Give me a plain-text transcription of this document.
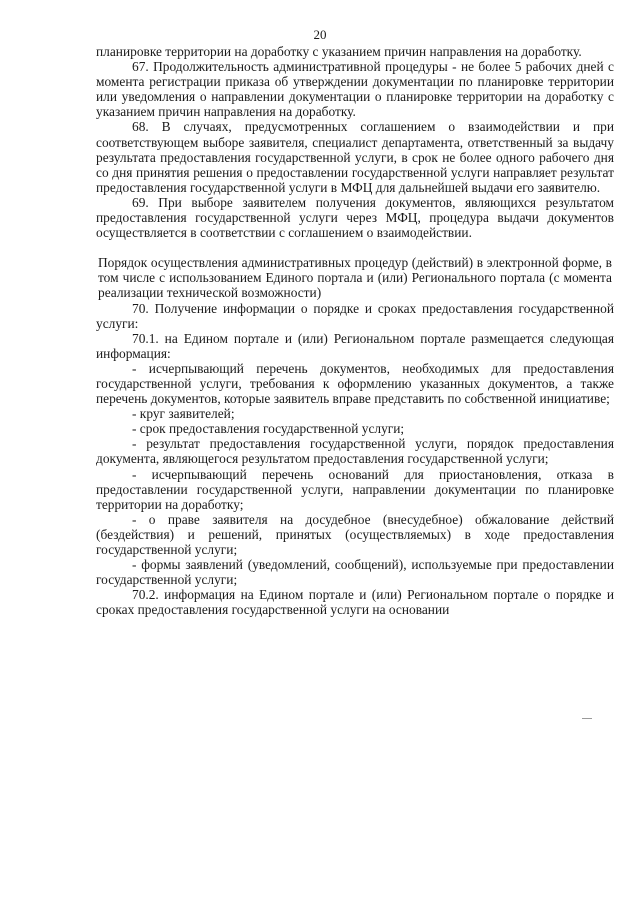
20

планировке территории на доработку с указанием причин направления на доработку.

67. Продолжительность административной процедуры - не более 5 рабочих дней с момента регистрации приказа об утверждении документации по планировке территории или уведомления о направлении документации о планировке территории на доработку с указанием причин направления на доработку.

68. В случаях, предусмотренных соглашением о взаимодействии и при соответствующем выборе заявителя, специалист департамента, ответственный за выдачу результата предоставления государственной услуги, в срок не более одного рабочего дня со дня принятия решения о предоставлении государственной услуги направляет результат предоставления государственной услуги в МФЦ для дальнейшей выдачи его заявителю.

69. При выборе заявителем получения документов, являющихся результатом предоставления государственной услуги через МФЦ, процедура выдачи документов осуществляется в соответствии с соглашением о взаимодействии.

Порядок осуществления административных процедур (действий) в электронной форме, в том числе с использованием Единого портала и (или) Регионального портала (с момента реализации технической возможности)

70. Получение информации о порядке и сроках предоставления государственной услуги:

70.1. на Едином портале и (или) Региональном портале размещается следующая информация:

- исчерпывающий перечень документов, необходимых для предоставления государственной услуги, требования к оформлению указанных документов, а также перечень документов, которые заявитель вправе представить по собственной инициативе;

- круг заявителей;

- срок предоставления государственной услуги;

- результат предоставления государственной услуги, порядок предоставления документа, являющегося результатом предоставления государственной услуги;

- исчерпывающий перечень оснований для приостановления, отказа в предоставлении государственной услуги, направлении документации по планировке территории на доработку;

- о праве заявителя на досудебное (внесудебное) обжалование действий (бездействия) и решений, принятых (осуществляемых) в ходе предоставления государственной услуги;

- формы заявлений (уведомлений, сообщений), используемые при предоставлении государственной услуги;

70.2. информация на Едином портале и (или) Региональном портале о порядке и сроках предоставления государственной услуги на основании
